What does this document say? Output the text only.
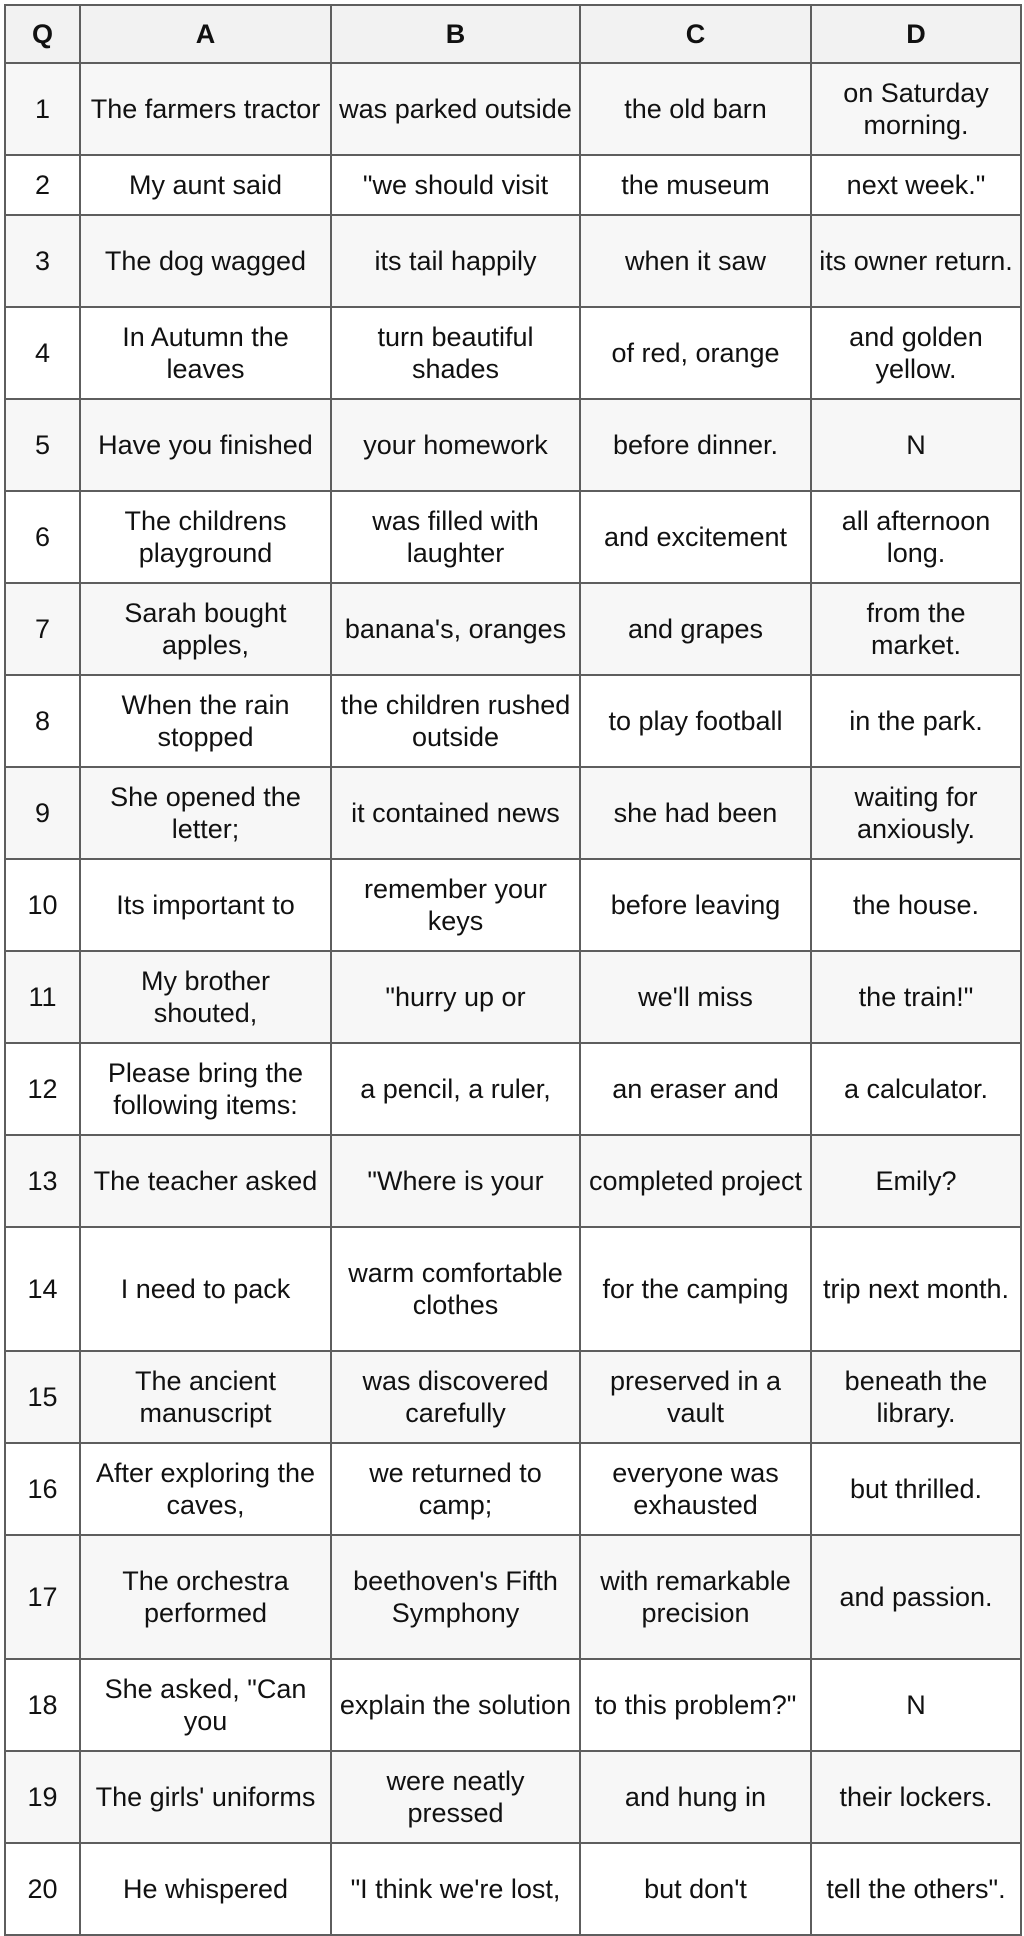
Q	A	B	C	D
1	The farmers tractor	was parked outside	the old barn	on Saturday morning.
2	My aunt said	"we should visit	the museum	next week."
3	The dog wagged	its tail happily	when it saw	its owner return.
4	In Autumn the leaves	turn beautiful shades	of red, orange	and golden yellow.
5	Have you finished	your homework	before dinner.	N
6	The childrens playground	was filled with laughter	and excitement	all afternoon long.
7	Sarah bought apples,	banana's, oranges	and grapes	from the market.
8	When the rain stopped	the children rushed outside	to play football	in the park.
9	She opened the letter;	it contained news	she had been	waiting for anxiously.
10	Its important to	remember your keys	before leaving	the house.
11	My brother shouted,	"hurry up or	we'll miss	the train!"
12	Please bring the following items:	a pencil, a ruler,	an eraser and	a calculator.
13	The teacher asked	"Where is your	completed project	Emily?
14	I need to pack	warm comfortable clothes	for the camping	trip next month.
15	The ancient manuscript	was discovered carefully	preserved in a vault	beneath the library.
16	After exploring the caves,	we returned to camp;	everyone was exhausted	but thrilled.
17	The orchestra performed	beethoven's Fifth Symphony	with remarkable precision	and passion.
18	She asked, "Can you	explain the solution	to this problem?"	N
19	The girls' uniforms	were neatly pressed	and hung in	their lockers.
20	He whispered	"I think we're lost,	but don't	tell the others".
